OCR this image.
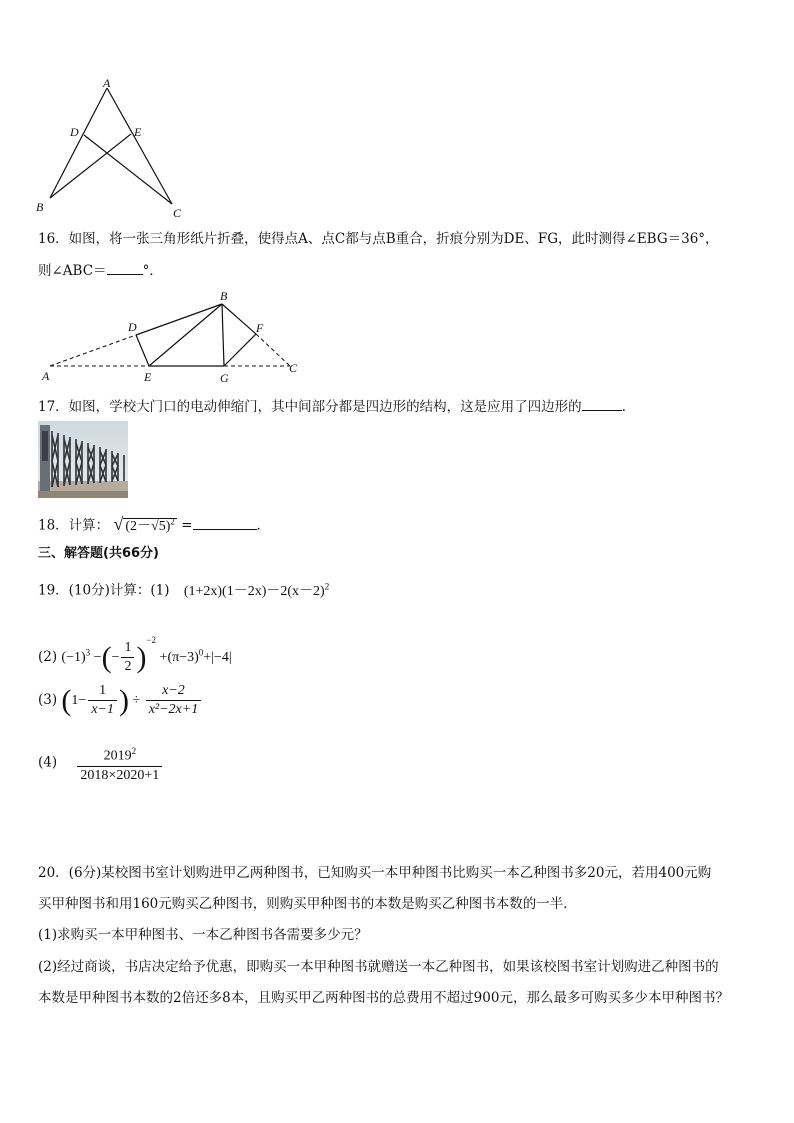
A
D	E
B	C
16．如图，将一张三角形纸片折叠，使得点A、点C都与点B重合，折痕分别为DE、FG，此时测得∠EBG＝36°，
则∠ABC＝	°．
B
D	F
A	E	G
C
17．如图，学校大门口的电动伸缩门，其中间部分都是四边形的结构，这是应用了四边形的	．
18．计算： √ $(2-√5)^2$ =	．
三、解答题(共66分)
19．(10分)计算：(1) $(1+2x)(1-2x)-2(x-2)^2$
(2) $(-1)^3$ −(− $\frac{1}{2} )^{-2} +(\pi-3)^0+|-4|$
(3) ($1- \frac{1}{x-1}$ ) ÷ $\frac{x-2}{\text{x²−2x+1}}$
$(4) \frac{2019^2}{2018\times 2020+1}$
20．(6分)某校图书室计划购进甲乙两种图书，已知购买一本甲种图书比购买一本乙种图书多20元，若用400元购
买甲种图书和用160元购买乙种图书，则购买甲种图书的本数是购买乙种图书本数的一半．
(1)求购买一本甲种图书、一本乙种图书各需要多少元？
(2)经过商谈，书店决定给予优惠，即购买一本甲种图书就赠送一本乙种图书，如果该校图书室计划购进乙种图书的
本数是甲种图书本数的2倍还多8本，且购买甲乙两种图书的总费用不超过900元，那么最多可购买多少本甲种图书？
